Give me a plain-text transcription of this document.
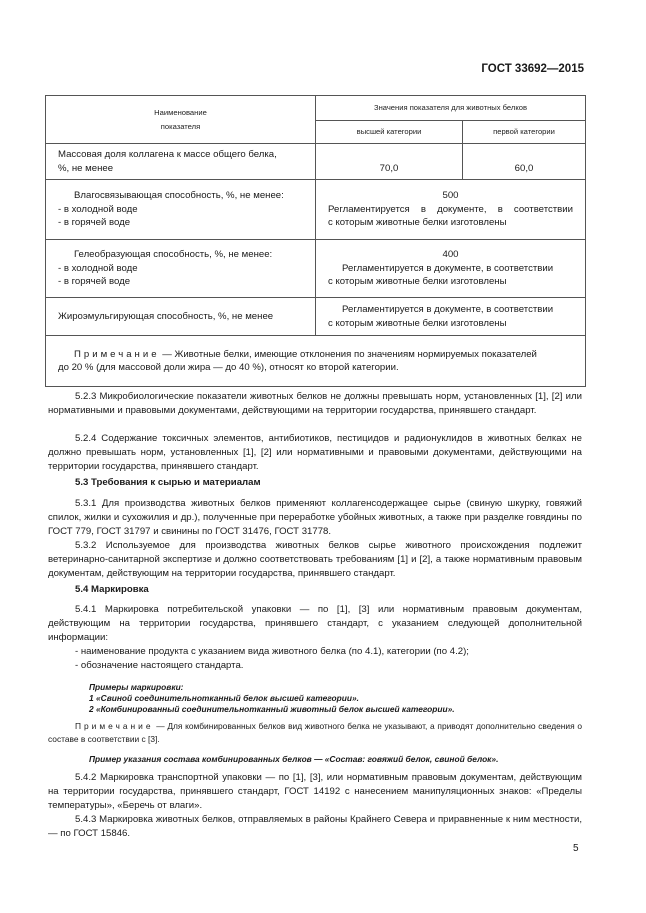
ГОСТ 33692—2015
Наименование
показателя	Значения показателя для животных белков	
	высшей категории	первой категории

Массовая доля коллагена к массе общего белка,
%, не менее	70,0	60,0

Влагосвязывающая способность, %, не менее:
- в холодной воде
- в горячей воде	500
Регламентируется в документе, в соответствии
с которым животные белки изготовлены	

Гелеобразующая способность, %, не менее:
- в холодной воде
- в горячей воде	400
Регламентируется в документе, в соответствии
с которым животные белки изготовлены	

Жироэмульгирующая способность, %, не менее	Регламентируется в документе, в соответствии
с которым животные белки изготовлены	

Примечание — Животные белки, имеющие отклонения по значениям нормируемых показателей
до 20 % (для массовой доли жира — до 40 %), относят ко второй категории.		
5.2.3 Микробиологические показатели животных белков не должны превышать норм, установленных [1], [2] или нормативными и правовыми документами, действующими на территории государства, принявшего стандарт.
5.2.4 Содержание токсичных элементов, антибиотиков, пестицидов и радионуклидов в животных белках не должно превышать норм, установленных [1], [2] или нормативными и правовыми документами, действующими на территории государства, принявшего стандарт.
5.3 Требования к сырью и материалам
5.3.1 Для производства животных белков применяют коллагенсодержащее сырье (свиную шкурку, говяжий спилок, жилки и сухожилия и др.), полученные при переработке убойных животных, а также при разделке говядины по ГОСТ 779, ГОСТ 31797 и свинины по ГОСТ 31476, ГОСТ 31778.
5.3.2 Используемое для производства животных белков сырье животного происхождения подлежит ветеринарно-санитарной экспертизе и должно соответствовать требованиям [1] и [2], а также нормативным правовым документам, действующим на территории государства, принявшего стандарт.
5.4 Маркировка
5.4.1 Маркировка потребительской упаковки — по [1], [3] или нормативным правовым документам, действующим на территории государства, принявшего стандарт, с указанием следующей дополнительной информации:
- наименование продукта с указанием вида животного белка (по 4.1), категории (по 4.2);
- обозначение настоящего стандарта.
Примеры маркировки:
1 «Свиной соединительнотканный белок высшей категории».
2 «Комбинированный соединительнотканный животный белок высшей категории».
Примечание — Для комбинированных белков вид животного белка не указывают, а приводят дополнительно сведения о составе в соответствии с [3].
Пример указания состава комбинированных белков — «Состав: говяжий белок, свиной белок».
5.4.2 Маркировка транспортной упаковки — по [1], [3], или нормативным правовым документам, действующим на территории государства, принявшего стандарт, ГОСТ 14192 с нанесением манипуляционных знаков: «Пределы температуры», «Беречь от влаги».
5.4.3 Маркировка животных белков, отправляемых в районы Крайнего Севера и приравненные к ним местности, — по ГОСТ 15846.
5
